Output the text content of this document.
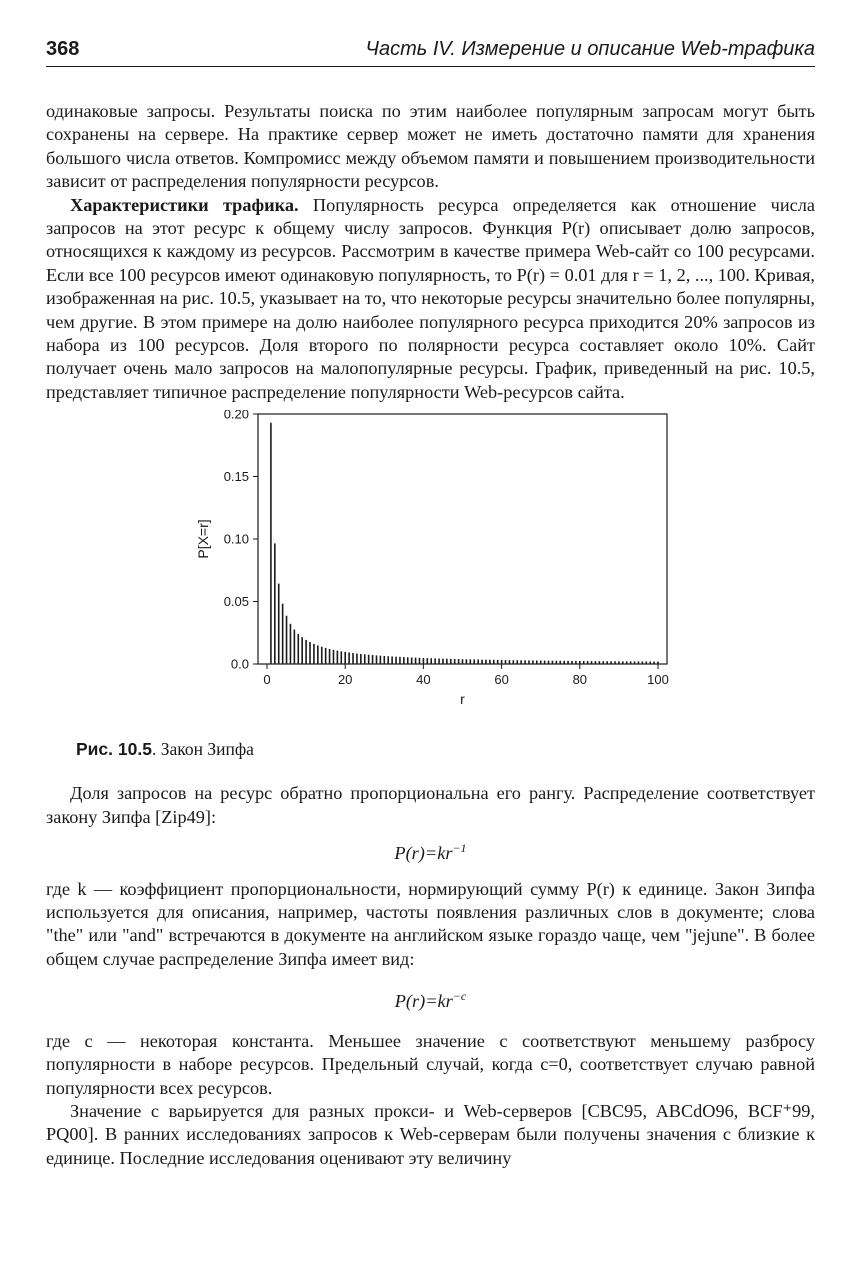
368	Часть IV. Измерение и описание Web-трафика

одинаковые запросы. Результаты поиска по этим наиболее популярным запросам могут быть сохранены на сервере. На практике сервер может не иметь достаточно памяти для хранения большого числа ответов. Компромисс между объемом памяти и повышением производительности зависит от распределения популярности ресурсов.

Характеристики трафика. Популярность ресурса определяется как отношение числа запросов на этот ресурс к общему числу запросов. Функция P(r) описывает долю запросов, относящихся к каждому из ресурсов. Рассмотрим в качестве примера Web-сайт со 100 ресурсами. Если все 100 ресурсов имеют одинаковую популярность, то P(r) = 0.01 для r = 1, 2, ..., 100. Кривая, изображенная на рис. 10.5, указывает на то, что некоторые ресурсы значительно более популярны, чем другие. В этом примере на долю наиболее популярного ресурса приходится 20% запросов из набора из 100 ресурсов. Доля второго по полярности ресурса составляет около 10%. Сайт получает очень мало запросов на малопопулярные ресурсы. График, приведенный на рис. 10.5, представляет типичное распределение популярности Web-ресурсов сайта.

0.0
0.05
0.10
0.15
0.20
0	20	40	60	80	100
r
P[X=r]

Рис. 10.5. Закон Зипфа

Доля запросов на ресурс обратно пропорциональна его рангу. Распределение соответствует закону Зипфа [Zip49]:

$P(r)=kr^{-1}$

где k — коэффициент пропорциональности, нормирующий сумму P(r) к единице. Закон Зипфа используется для описания, например, частоты появления различных слов в документе; слова "the" или "and" встречаются в документе на английском языке гораздо чаще, чем "jejune". В более общем случае распределение Зипфа имеет вид:

$P(r)=kr^{-c}$

где c — некоторая константа. Меньшее значение c соответствуют меньшему разбросу популярности в наборе ресурсов. Предельный случай, когда c=0, соответствует случаю равной популярности всех ресурсов.

Значение c варьируется для разных прокси- и Web-серверов [CBC95, ABCdO96, BCF⁺99, PQ00]. В ранних исследованиях запросов к Web-серверам были получены значения c близкие к единице. Последние исследования оценивают эту величину
